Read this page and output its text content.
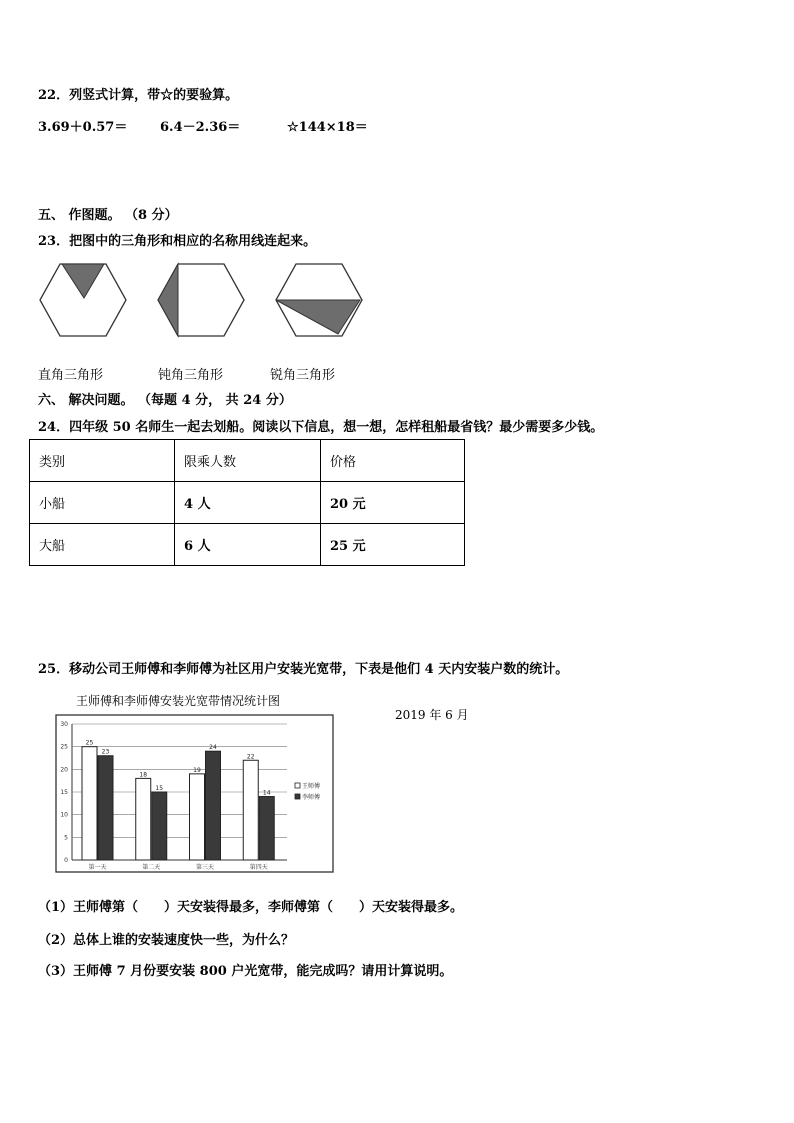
22．列竖式计算，带☆的要验算。
3.69＋0.57＝	6.4－2.36＝	☆144×18＝
五、 作图题。 （8 分）
23．把图中的三角形和相应的名称用线连起来。
直角三角形	钝角三角形	锐角三角形
六、 解决问题。 （每题 4 分， 共 24 分）
24．四年级 50 名师生一起去划船。阅读以下信息，想一想，怎样租船最省钱？最少需要多少钱。
类别	限乘人数	价格
小船	4 人	20 元
大船	6 人	25 元
25．移动公司王师傅和李师傅为社区用户安装光宽带，下表是他们 4 天内安装户数的统计。
王师傅和李师傅安装光宽带情况统计图
2019 年 6 月
0
5
10
15
20
25
30
25
23
第一天
18
15
第二天
19
24
第三天
22
14
第四天
王师傅
李师傅
（1）王师傅第（　　）天安装得最多，李师傅第（　　）天安装得最多。
（2）总体上谁的安装速度快一些，为什么？
（3）王师傅 7 月份要安装 800 户光宽带，能完成吗？请用计算说明。
